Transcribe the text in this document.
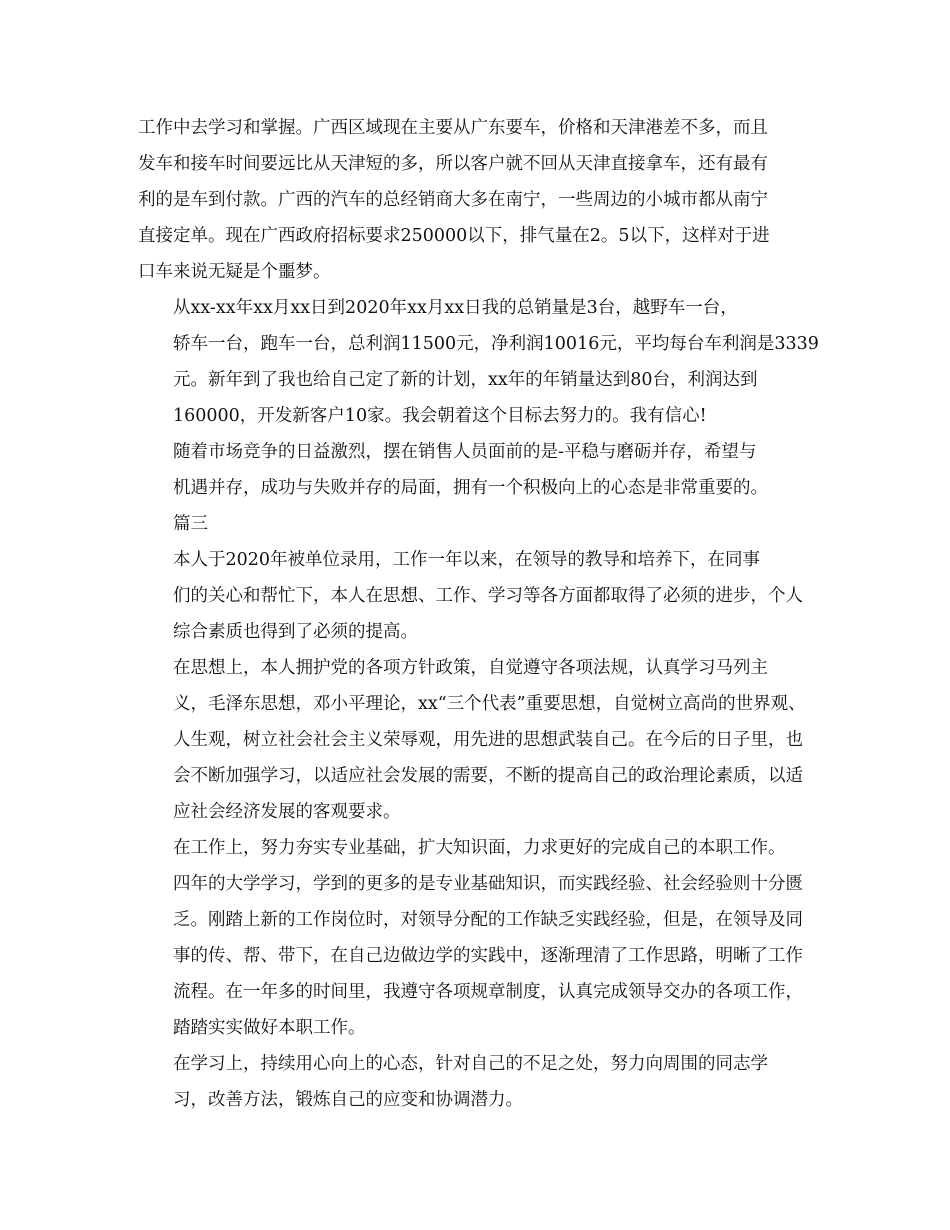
工作中去学习和掌握。广西区域现在主要从广东要车，价格和天津港差不多，而且
发车和接车时间要远比从天津短的多，所以客户就不回从天津直接拿车，还有最有
利的是车到付款。广西的汽车的总经销商大多在南宁，一些周边的小城市都从南宁
直接定单。现在广西政府招标要求250000以下，排气量在2。5以下，这样对于进
口车来说无疑是个噩梦。

从xx-xx年xx月xx日到2020年xx月xx日我的总销量是3台，越野车一台，
轿车一台，跑车一台，总利润11500元，净利润10016元，平均每台车利润是3339
元。新年到了我也给自己定了新的计划，xx年的年销量达到80台，利润达到
160000，开发新客户10家。我会朝着这个目标去努力的。我有信心!

随着市场竞争的日益激烈，摆在销售人员面前的是-平稳与磨砺并存，希望与
机遇并存，成功与失败并存的局面，拥有一个积极向上的心态是非常重要的。

篇三

本人于2020年被单位录用，工作一年以来，在领导的教导和培养下，在同事
们的关心和帮忙下，本人在思想、工作、学习等各方面都取得了必须的进步，个人
综合素质也得到了必须的提高。

在思想上，本人拥护党的各项方针政策，自觉遵守各项法规，认真学习马列主
义，毛泽东思想，邓小平理论，xx“三个代表”重要思想，自觉树立高尚的世界观、
人生观，树立社会社会主义荣辱观，用先进的思想武装自己。在今后的日子里，也
会不断加强学习，以适应社会发展的需要，不断的提高自己的政治理论素质，以适
应社会经济发展的客观要求。

在工作上，努力夯实专业基础，扩大知识面，力求更好的完成自己的本职工作。
四年的大学学习，学到的更多的是专业基础知识，而实践经验、社会经验则十分匮
乏。刚踏上新的工作岗位时，对领导分配的工作缺乏实践经验，但是，在领导及同
事的传、帮、带下，在自己边做边学的实践中，逐渐理清了工作思路，明晰了工作
流程。在一年多的时间里，我遵守各项规章制度，认真完成领导交办的各项工作，
踏踏实实做好本职工作。

在学习上，持续用心向上的心态，针对自己的不足之处，努力向周围的同志学
习，改善方法，锻炼自己的应变和协调潜力。
